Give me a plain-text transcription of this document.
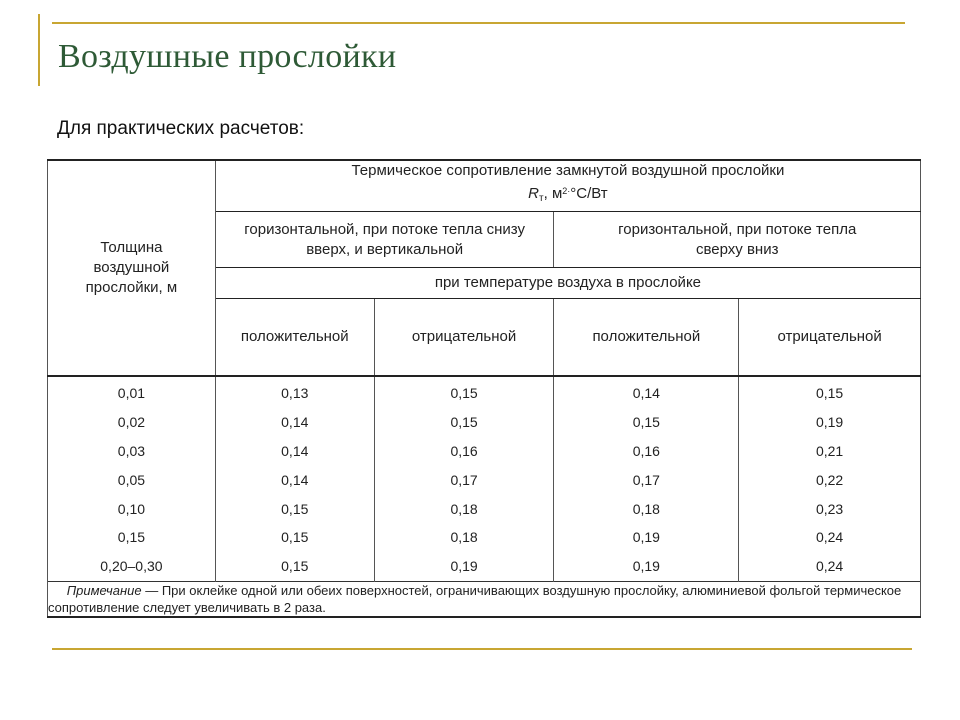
Воздушные прослойки
Для практических расчетов:
Толщина воздушной прослойки, м	Термическое сопротивление замкнутой воздушной прослойки
$R_т$, $м^{2\cdot}^\circ С/Вт$			

	горизонтальной, при потоке тепла снизу вверх, и вертикальной		горизонтальной, при потоке тепла сверху вниз	
	при температуре воздуха в прослойке			
	положительной	отрицательной	положительной	отрицательной
0,01	0,13	0,15	0,14	0,15
0,02	0,14	0,15	0,15	0,19
0,03	0,14	0,16	0,16	0,21
0,05	0,14	0,17	0,17	0,22
0,10	0,15	0,18	0,18	0,23
0,15	0,15	0,18	0,19	0,24
0,20–0,30	0,15	0,19	0,19	0,24
Примечание — При оклейке одной или обеих поверхностей, ограничивающих воздушную прослойку, алюминиевой фольгой термическое сопротивление следует увеличивать в 2 раза.				
